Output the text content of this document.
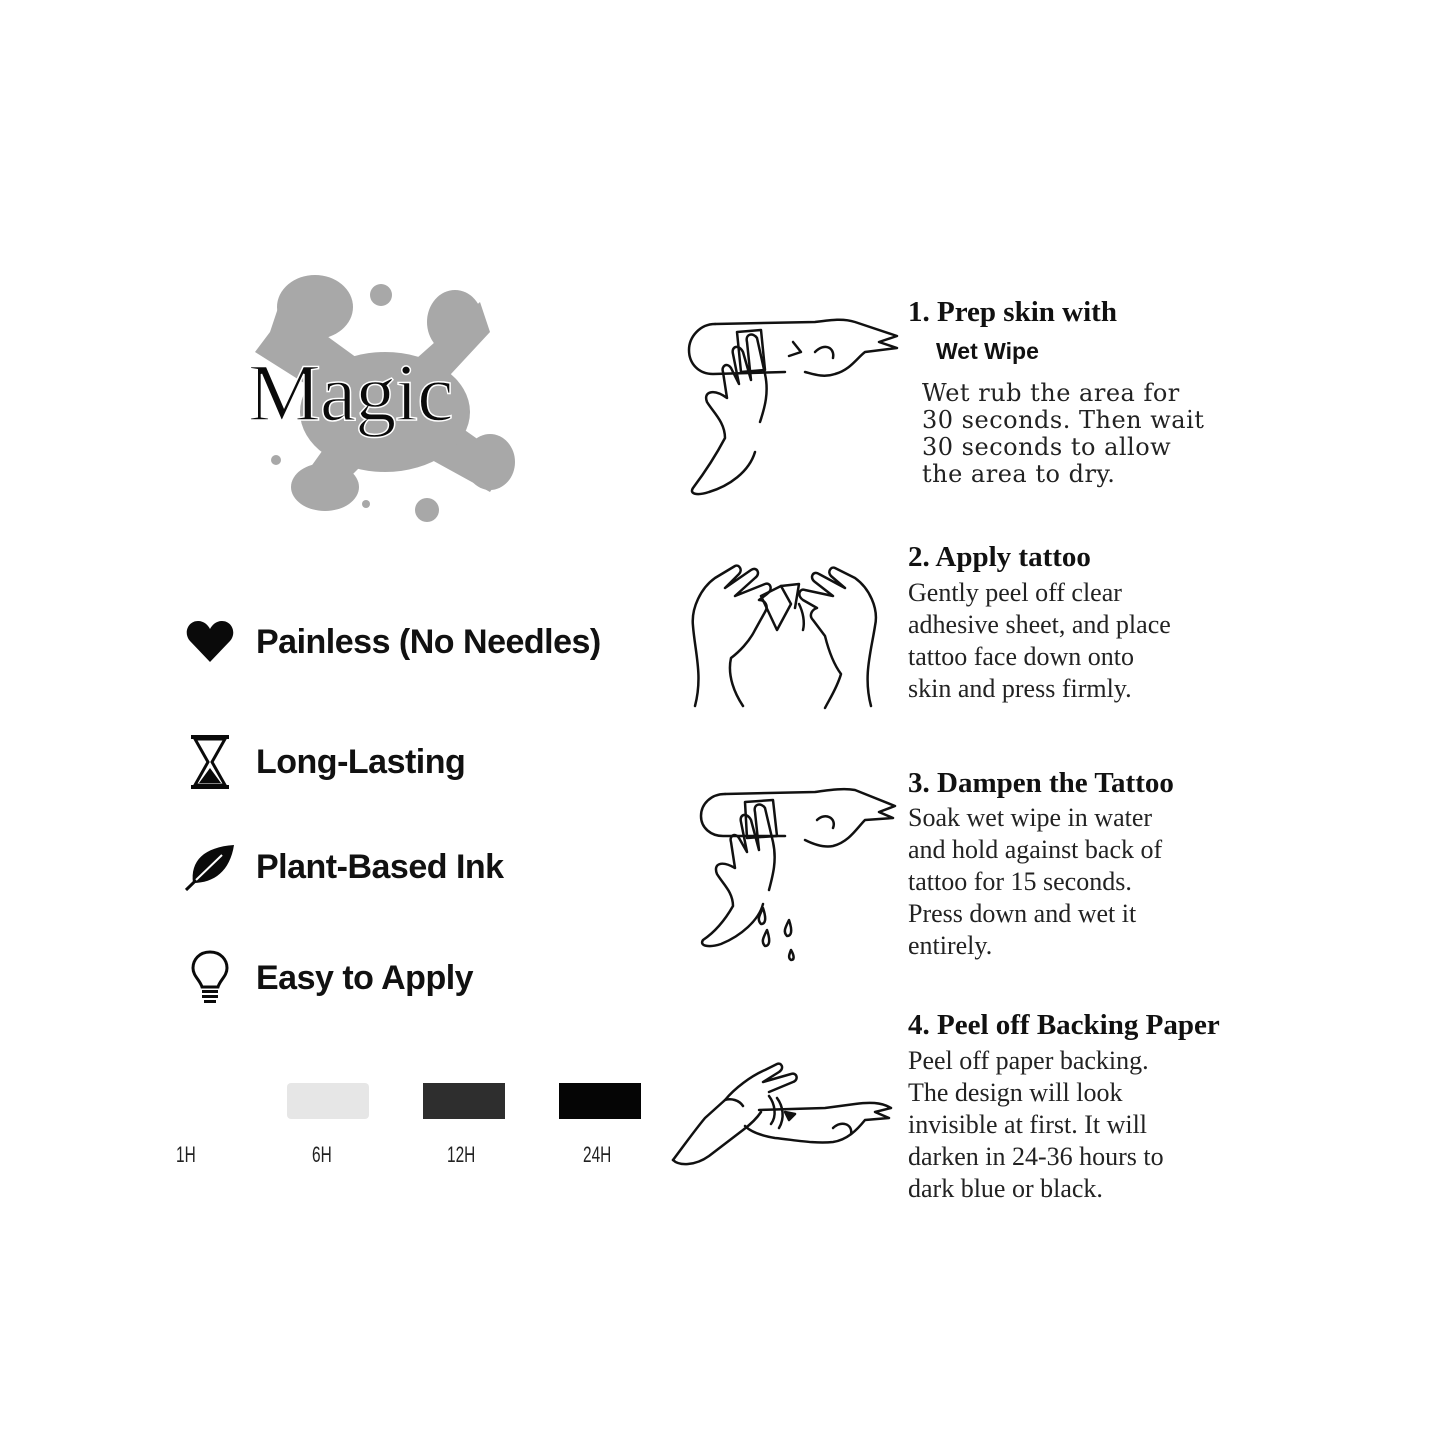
Magic
Painless (No Needles)
Long-Lasting
Plant-Based Ink
Easy to Apply
1H	6H	12H	24H
1. Prep skin with
Wet Wipe
Wet rub the area for
30 seconds. Then wait
30 seconds to allow
the area to dry.
2. Apply tattoo
Gently peel off clear
adhesive sheet, and place
tattoo face down onto
skin and press firmly.
3. Dampen the Tattoo
Soak wet wipe in water
and hold against back of
tattoo for 15 seconds.
Press down and wet it
entirely.
4. Peel off Backing Paper
Peel off paper backing.
The design will look
invisible at first. It will
darken in 24-36 hours to
dark blue or black.
